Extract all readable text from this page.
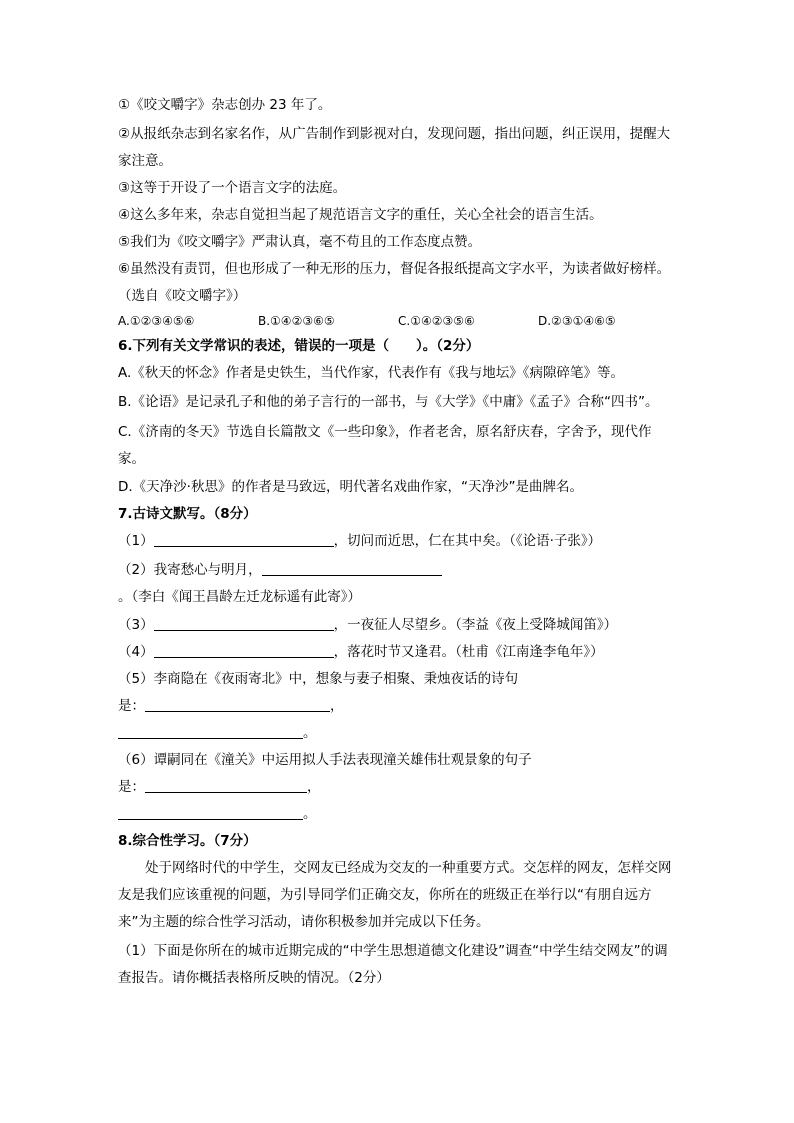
①《咬文嚼字》杂志创办 23 年了。

②从报纸杂志到名家名作，从广告制作到影视对白，发现问题，指出问题，纠正误用，提醒大家注意。

③这等于开设了一个语言文字的法庭。

④这么多年来，杂志自觉担当起了规范语言文字的重任，关心全社会的语言生活。

⑤我们为《咬文嚼字》严肃认真，毫不苟且的工作态度点赞。

⑥虽然没有责罚，但也形成了一种无形的压力，督促各报纸提高文字水平，为读者做好榜样。

（选自《咬文嚼字》）

A.①②③④⑤⑥	B.①④②③⑥⑤	C.①④②③⑤⑥	D.②③①④⑥⑤

6.下列有关文学常识的表述，错误的一项是（　　）。（2分）

A.《秋天的怀念》作者是史铁生，当代作家，代表作有《我与地坛》《病隙碎笔》等。

B.《论语》是记录孔子和他的弟子言行的一部书，与《大学》《中庸》《孟子》合称“四书”。

C.《济南的冬天》节选自长篇散文《一些印象》，作者老舍，原名舒庆春，字舍予，现代作家。

D.《天净沙·秋思》的作者是马致远，明代著名戏曲作家，“天净沙”是曲牌名。

7.古诗文默写。（8分）

（1）	，切问而近思，仁在其中矣。（《论语·子张》）

（2）我寄愁心与明月，。（李白《闻王昌龄左迁龙标遥有此寄》）

（3）	，一夜征人尽望乡。（李益《夜上受降城闻笛》）

（4）	，落花时节又逢君。（杜甫《江南逢李龟年》）

（5）李商隐在《夜雨寄北》中，想象与妻子相聚、秉烛夜话的诗句

是：	，

。

（6）谭嗣同在《潼关》中运用拟人手法表现潼关雄伟壮观景象的句子

是：	，

。

8.综合性学习。（7分）

处于网络时代的中学生，交网友已经成为交友的一种重要方式。交怎样的网友，怎样交网友是我们应该重视的问题，为引导同学们正确交友，你所在的班级正在举行以“有朋自远方来”为主题的综合性学习活动，请你积极参加并完成以下任务。

（1）下面是你所在的城市近期完成的“中学生思想道德文化建设”调查“中学生结交网友”的调查报告。请你概括表格所反映的情况。（2分）
